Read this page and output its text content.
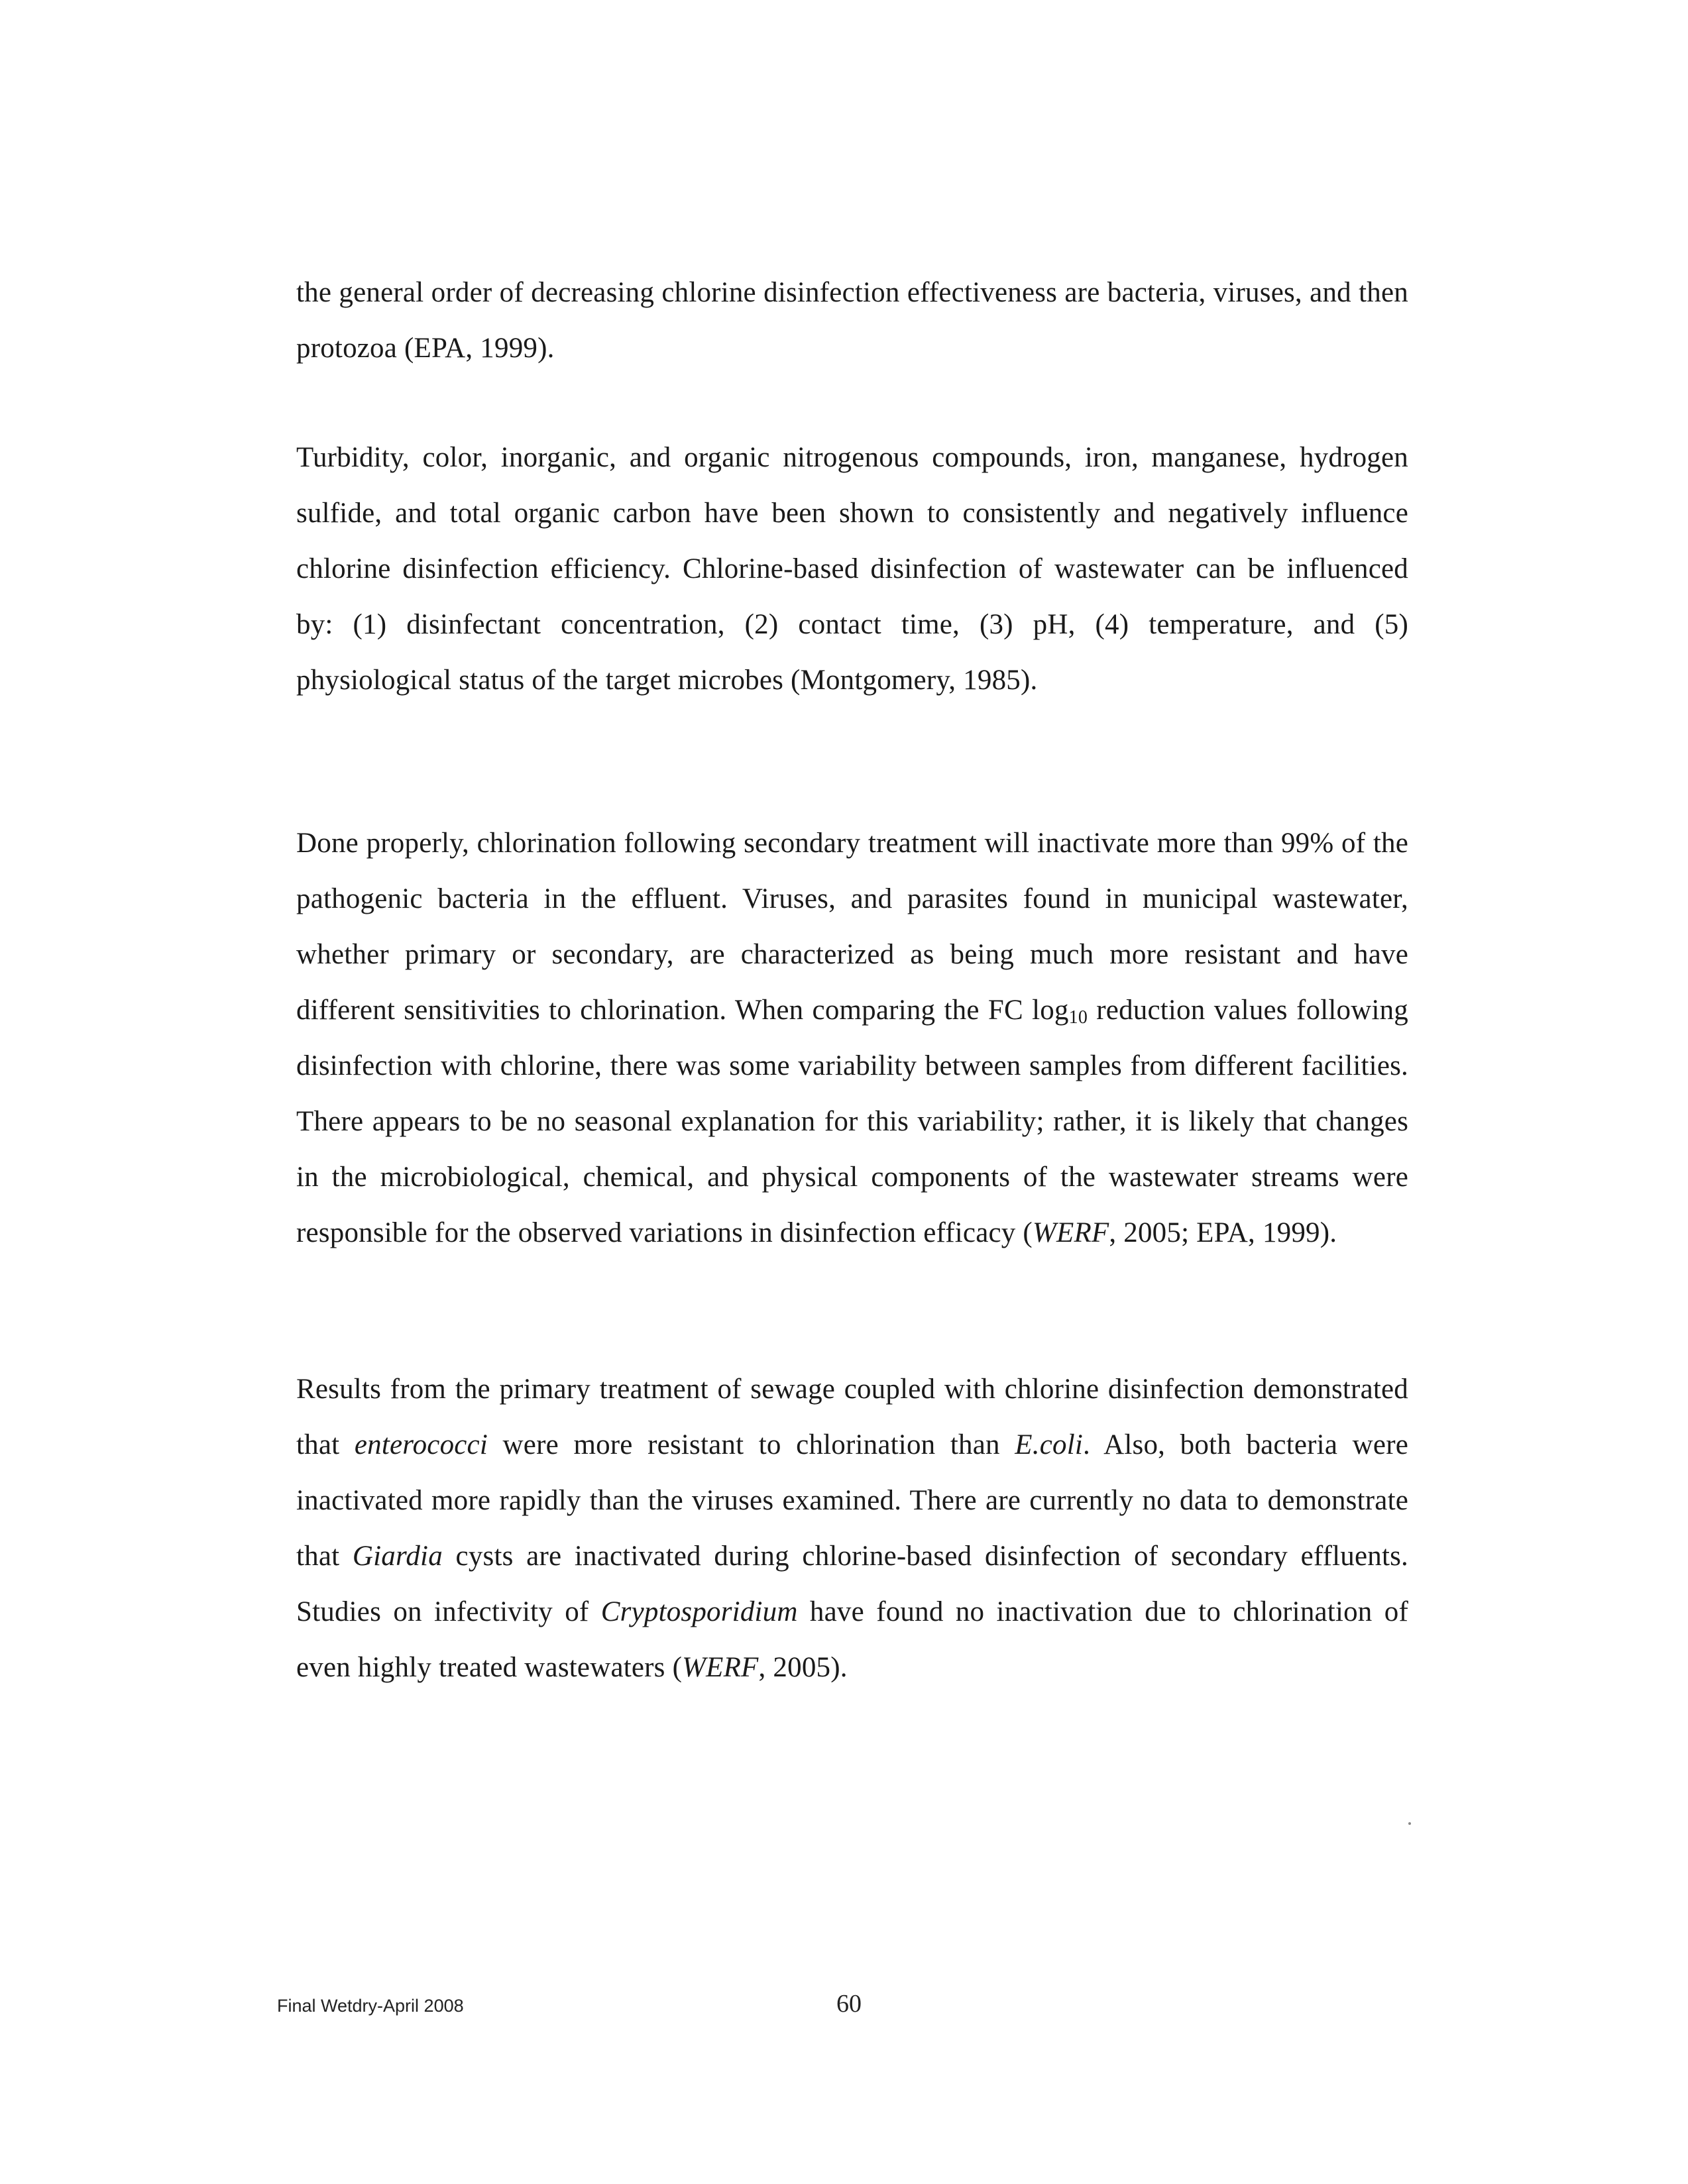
the general order of decreasing chlorine disinfection effectiveness are bacteria, viruses, and then protozoa (EPA, 1999).

Turbidity, color, inorganic, and organic nitrogenous compounds, iron, manganese, hydrogen sulfide, and total organic carbon have been shown to consistently and negatively influence chlorine disinfection efficiency. Chlorine-based disinfection of wastewater can be influenced by: (1) disinfectant concentration, (2) contact time, (3) pH, (4) temperature, and (5) physiological status of the target microbes (Montgomery, 1985).

Done properly, chlorination following secondary treatment will inactivate more than 99% of the pathogenic bacteria in the effluent. Viruses, and parasites found in municipal wastewater, whether primary or secondary, are characterized as being much more resistant and have different sensitivities to chlorination. When comparing the FC $\log_{10}$ reduction values following disinfection with chlorine, there was some variability between samples from different facilities. There appears to be no seasonal explanation for this variability; rather, it is likely that changes in the microbiological, chemical, and physical components of the wastewater streams were responsible for the observed variations in disinfection efficacy (WERF, 2005; EPA, 1999).

Results from the primary treatment of sewage coupled with chlorine disinfection demonstrated that enterococci were more resistant to chlorination than E.coli. Also, both bacteria were inactivated more rapidly than the viruses examined. There are currently no data to demonstrate that Giardia cysts are inactivated during chlorine-based disinfection of secondary effluents. Studies on infectivity of Cryptosporidium have found no inactivation due to chlorination of even highly treated wastewaters (WERF, 2005).

Final Wetdry-April 2008	60
